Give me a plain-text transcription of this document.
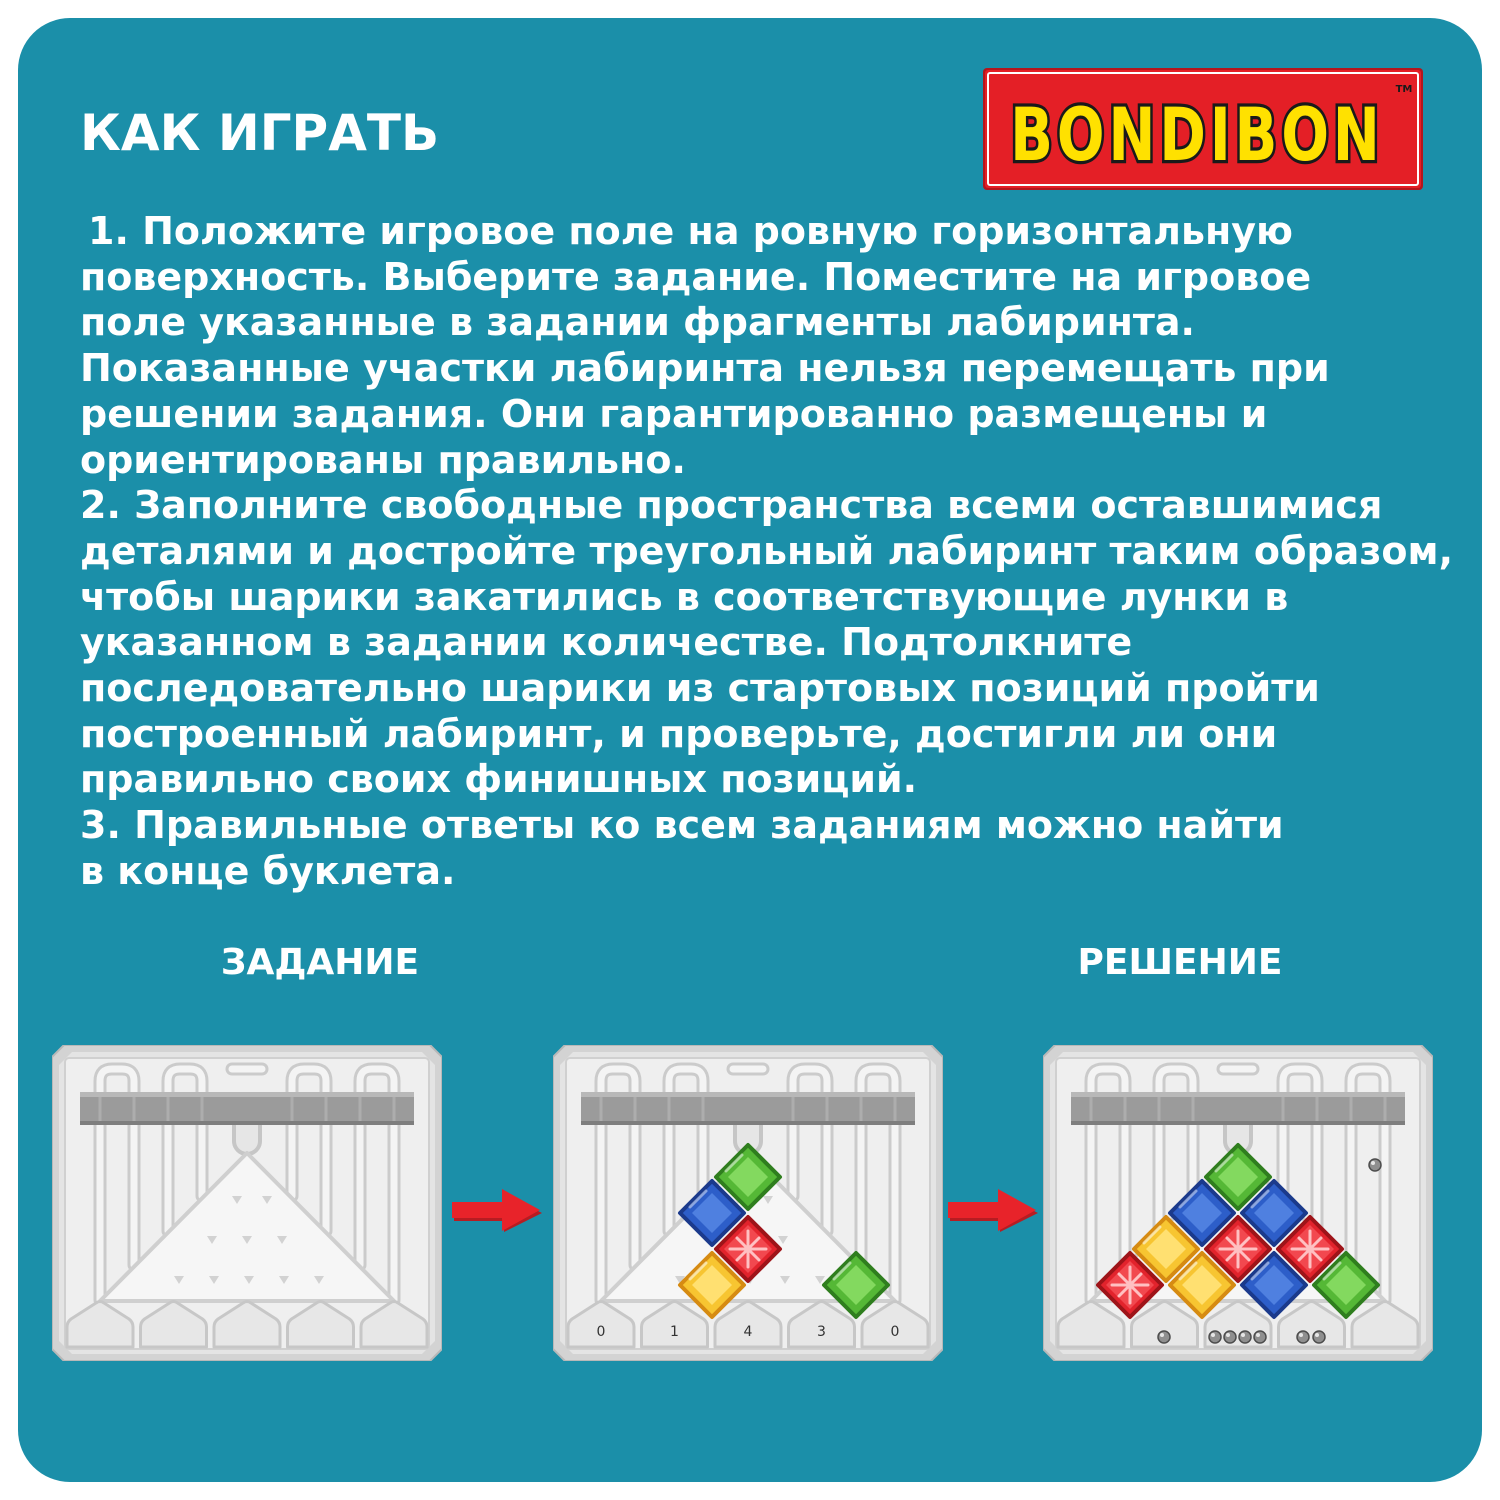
КАК ИГРАТЬ	BONDIBON
TM
1. Положите игровое поле на ровную горизонтальную
поверхность. Выберите задание. Поместите на игровое
поле указанные в задании фрагменты лабиринта.
Показанные участки лабиринта нельзя перемещать при
решении задания. Они гарантированно размещены и
ориентированы правильно.
2. Заполните свободные пространства всеми оставшимися
деталями и достройте треугольный лабиринт таким образом,
чтобы шарики закатились в соответствующие лунки в
указанном в задании количестве. Подтолкните
последовательно шарики из стартовых позиций пройти
построенный лабиринт, и проверьте, достигли ли они
правильно своих финишных позиций.
3. Правильные ответы ко всем заданиям можно найти
в конце буклета.
ЗАДАНИЕ	РЕШЕНИЕ
0	1	4	3	0
